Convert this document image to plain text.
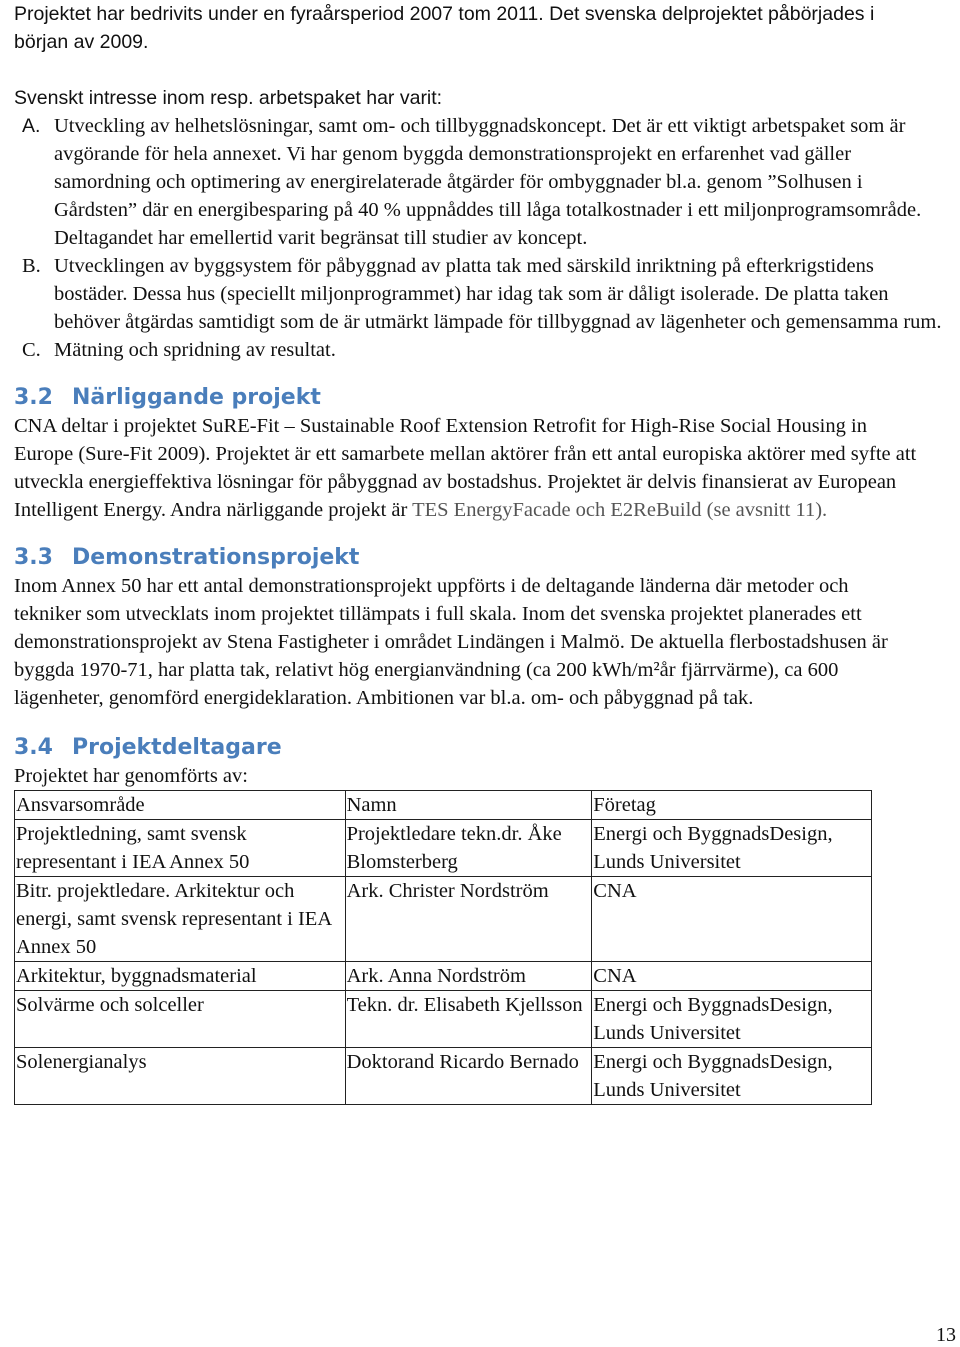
Projektet har bedrivits under en fyraårsperiod 2007 tom 2011. Det svenska delprojektet påbörjades i början av 2009.

Svenskt intresse inom resp. arbetspaket har varit:

A. Utveckling av helhetslösningar, samt om- och tillbyggnadskoncept. Det är ett viktigt arbetspaket som är avgörande för hela annexet. Vi har genom byggda demonstrationsprojekt en erfarenhet vad gäller samordning och optimering av energirelaterade åtgärder för ombyggnader bl.a. genom ”Solhusen i Gårdsten” där en energibesparing på 40 % uppnåddes till låga totalkostnader i ett miljonprogramsområde. Deltagandet har emellertid varit begränsat till studier av koncept.
B. Utvecklingen av byggsystem för påbyggnad av platta tak med särskild inriktning på efterkrigstidens bostäder. Dessa hus (speciellt miljonprogrammet) har idag tak som är dåligt isolerade. De platta taken behöver åtgärdas samtidigt som de är utmärkt lämpade för tillbyggnad av lägenheter och gemensamma rum.
C. Mätning och spridning av resultat.
3.2 Närliggande projekt

CNA deltar i projektet SuRE-Fit – Sustainable Roof Extension Retrofit for High-Rise Social Housing in Europe (Sure-Fit 2009). Projektet är ett samarbete mellan aktörer från ett antal europiska aktörer med syfte att utveckla energieffektiva lösningar för påbyggnad av bostadshus. Projektet är delvis finansierat av European Intelligent Energy. Andra närliggande projekt är TES EnergyFacade och E2ReBuild (se avsnitt 11).

3.3 Demonstrationsprojekt

Inom Annex 50 har ett antal demonstrationsprojekt uppförts i de deltagande länderna där metoder och tekniker som utvecklats inom projektet tillämpats i full skala. Inom det svenska projektet planerades ett demonstrationsprojekt av Stena Fastigheter i området Lindängen i Malmö. De aktuella flerbostadshusen är byggda 1970-71, har platta tak, relativt hög energianvändning (ca 200 kWh/m²år fjärrvärme), ca 600 lägenheter, genomförd energideklaration. Ambitionen var bl.a. om- och påbyggnad på tak.

3.4 Projektdeltagare

Projektet har genomförts av:

Ansvarsområde	Namn	Företag
Projektledning, samt svensk representant i IEA Annex 50	Projektledare tekn.dr. Åke Blomsterberg	Energi och ByggnadsDesign, Lunds Universitet
Bitr. projektledare. Arkitektur och energi, samt svensk representant i IEA Annex 50	Ark. Christer Nordström	CNA
Arkitektur, byggnadsmaterial	Ark. Anna Nordström	CNA
Solvärme och solceller	Tekn. dr. Elisabeth Kjellsson	Energi och ByggnadsDesign, Lunds Universitet
Solenergianalys	Doktorand Ricardo Bernado	Energi och ByggnadsDesign, Lunds Universitet
13
